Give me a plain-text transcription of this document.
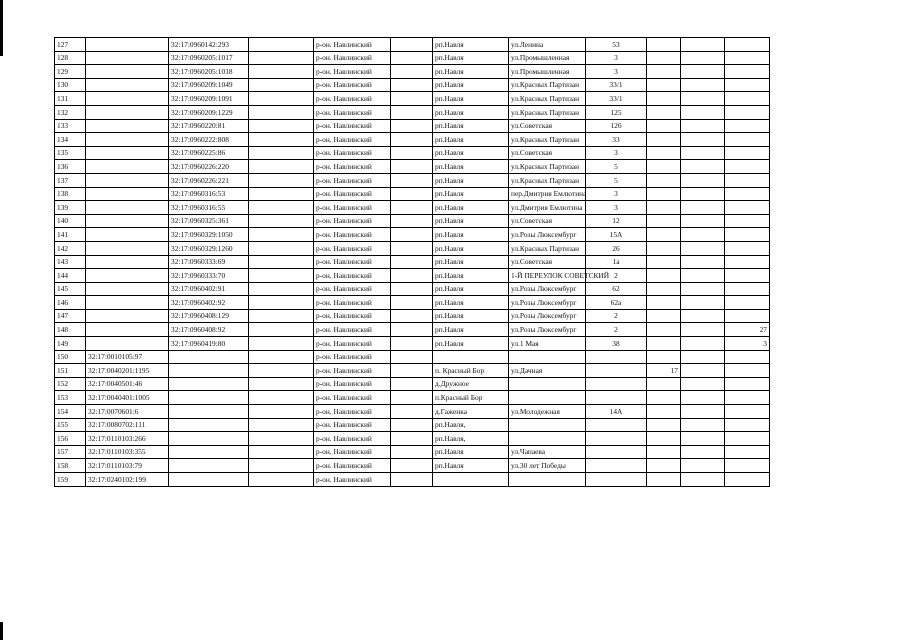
127		32:17:0960142:293		р-он. Навлинский		рп.Навля	ул.Ленина	53			
128		32:17:0960205:1017		р-он. Навлинский		рп.Навля	ул.Промышленная	3			
129		32:17:0960205:1018		р-он. Навлинский		рп.Навля	ул.Промышленная	3			
130		32:17:0960209:1049		р-он. Навлинский		рп.Навля	ул.Красных Партизан	33/1			
131		32:17:0960209:1091		р-он. Навлинский		рп.Навля	ул.Красных Партизан	33/1			
132		32:17:0960209:1229		р-он. Навлинский		рп.Навля	ул.Красных Партизан	125			
133		32:17:0960220:81		р-он. Навлинский		рп.Навля	ул.Советская	126			
134		32:17:0960222:808		р-он. Навлинский		рп.Навля	ул.Красных Партизан	33			
135		32:17:0960225:86		р-он. Навлинский		рп.Навля	ул.Советская	3			
136		32:17:0960226:220		р-он. Навлинский		рп.Навля	ул.Красных Партизан	5			
137		32:17:0960226:221		р-он. Навлинский		рп.Навля	ул.Красных Партизан	5			
138		32:17:0960316:53		р-он. Навлинский		рп.Навля	пер.Дмитрия Емлютина	3			
139		32:17:0960316:55		р-он. Навлинский		рп.Навля	ул.Дмитрия Емлютина	3			
140		32:17:0960325:361		р-он. Навлинский		рп.Навля	ул.Советская	12			
141		32:17:0960329:1050		р-он. Навлинский		рп.Навля	ул.Розы Люксембург	15А			
142		32:17:0960329:1260		р-он. Навлинский		рп.Навля	ул.Красных Партизан	26			
143		32:17:0960333:69		р-он. Навлинский		рп.Навля	ул.Советская	1а			
144		32:17:0960333:70		р-он. Навлинский		рп.Навля	1-Й ПЕРЕУЛОК СОВЕТСКИЙ	2			
145		32:17:0960402:91		р-он. Навлинский		рп.Навля	ул.Розы Люксембург	62			
146		32:17:0960402:92		р-он. Навлинский		рп.Навля	ул.Розы Люксембург	62а			
147		32:17:0960408:129		р-он. Навлинский		рп.Навля	ул.Розы Люксембург	2			
148		32:17:0960408:92		р-он. Навлинский		рп.Навля	ул.Розы Люксембург	2			27
149		32:17:0960419:80		р-он. Навлинский		рп.Навля	ул.1 Мая	38			3
150	32:17:0010105:97			р-он. Навлинский							
151	32:17:0040201:1195			р-он. Навлинский		п. Красный Бор	ул.Дачная		17		
152	32:17:0040501:46			р-он. Навлинский		д.Дружное					
153	32:17:0040401:1005			р-он. Навлинский		п.Красный Бор					
154	32:17:0070601:6			р-он. Навлинский		д.Гаженка	ул.Молодежная	14А			
155	32:17:0080702:111			р-он. Навлинский		рп.Навля,					
156	32:17:0110103:266			р-он. Навлинский		рп.Навля,					
157	32:17:0110103:355			р-он. Навлинский		рп.Навля	ул.Чапаева				
158	32:17:0110103:79			р-он. Навлинский		рп.Навля	ул.30 лет Победы				
159	32:17:0240102:199			р-он. Навлинский							
